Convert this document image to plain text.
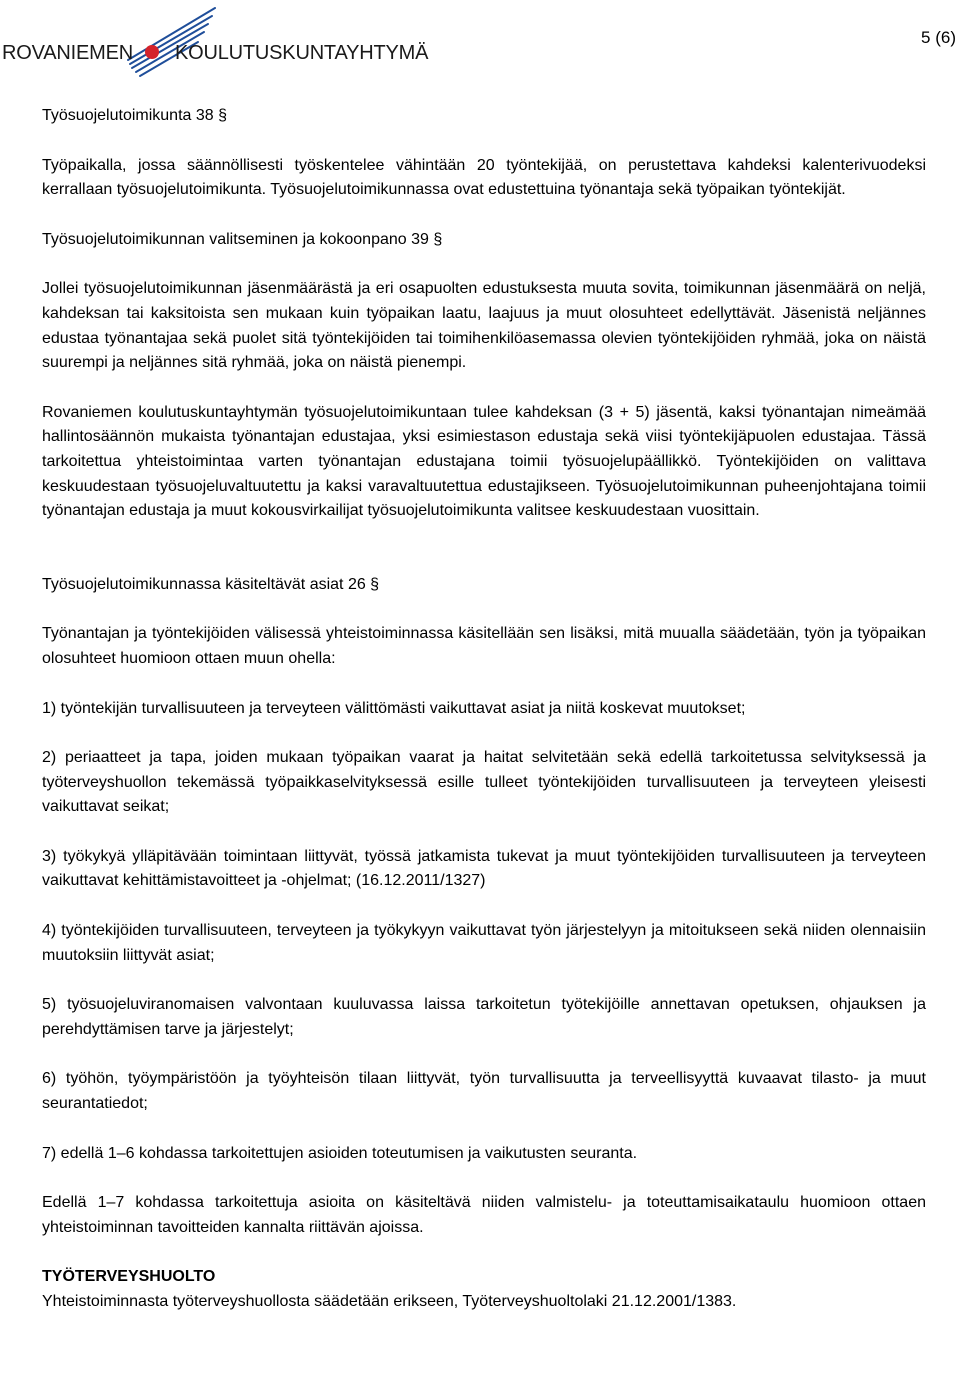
ROVANIEMEN KOULUTUSKUNTAYHTYMÄ
5 (6)
Työsuojelutoimikunta 38 §

Työpaikalla, jossa säännöllisesti työskentelee vähintään 20 työntekijää, on perustettava kahdeksi kalenterivuodeksi kerrallaan työsuojelutoimikunta. Työsuojelutoimikunnassa ovat edustettuina työnantaja sekä työpaikan työntekijät.

Työsuojelutoimikunnan valitseminen ja kokoonpano 39 §

Jollei työsuojelutoimikunnan jäsenmäärästä ja eri osapuolten edustuksesta muuta sovita, toimikunnan jäsenmäärä on neljä, kahdeksan tai kaksitoista sen mukaan kuin työpaikan laatu, laajuus ja muut olosuhteet edellyttävät. Jäsenistä neljännes edustaa työnantajaa sekä puolet sitä työntekijöiden tai toimihenkilöasemassa olevien työntekijöiden ryhmää, joka on näistä suurempi ja neljännes sitä ryhmää, joka on näistä pienempi.

Rovaniemen koulutuskuntayhtymän työsuojelutoimikuntaan tulee kahdeksan (3 + 5) jäsentä, kaksi työnantajan nimeämää hallintosäännön mukaista työnantajan edustajaa, yksi esimiestason edustaja sekä viisi työntekijäpuolen edustajaa. Tässä tarkoitettua yhteistoimintaa varten työnantajan edustajana toimii työsuojelupäällikkö. Työntekijöiden on valittava keskuudestaan työsuojeluvaltuutettu ja kaksi varavaltuutettua edustajikseen. Työsuojelutoimikunnan puheenjohtajana toimii työnantajan edustaja ja muut kokousvirkailijat työsuojelutoimikunta valitsee keskuudestaan vuosittain.

Työsuojelutoimikunnassa käsiteltävät asiat 26 §

Työnantajan ja työntekijöiden välisessä yhteistoiminnassa käsitellään sen lisäksi, mitä muualla säädetään, työn ja työpaikan olosuhteet huomioon ottaen muun ohella:

1) työntekijän turvallisuuteen ja terveyteen välittömästi vaikuttavat asiat ja niitä koskevat muutokset;

2) periaatteet ja tapa, joiden mukaan työpaikan vaarat ja haitat selvitetään sekä edellä tarkoitetussa selvityksessä ja työterveyshuollon tekemässä työpaikkaselvityksessä esille tulleet työntekijöiden turvallisuuteen ja terveyteen yleisesti vaikuttavat seikat;

3) työkykyä ylläpitävään toimintaan liittyvät, työssä jatkamista tukevat ja muut työntekijöiden turvallisuuteen ja terveyteen vaikuttavat kehittämistavoitteet ja -ohjelmat; (16.12.2011/1327)

4) työntekijöiden turvallisuuteen, terveyteen ja työkykyyn vaikuttavat työn järjestelyyn ja mitoitukseen sekä niiden olennaisiin muutoksiin liittyvät asiat;

5) työsuojeluviranomaisen valvontaan kuuluvassa laissa tarkoitetun työtekijöille annettavan opetuksen, ohjauksen ja perehdyttämisen tarve ja järjestelyt;

6) työhön, työympäristöön ja työyhteisön tilaan liittyvät, työn turvallisuutta ja terveellisyyttä kuvaavat tilasto- ja muut seurantatiedot;

7) edellä 1–6 kohdassa tarkoitettujen asioiden toteutumisen ja vaikutusten seuranta.

Edellä 1–7 kohdassa tarkoitettuja asioita on käsiteltävä niiden valmistelu- ja toteuttamisaikataulu huomioon ottaen yhteistoiminnan tavoitteiden kannalta riittävän ajoissa.

TYÖTERVEYSHUOLTO

Yhteistoiminnasta työterveyshuollosta säädetään erikseen, Työterveyshuoltolaki 21.12.2001/1383.
